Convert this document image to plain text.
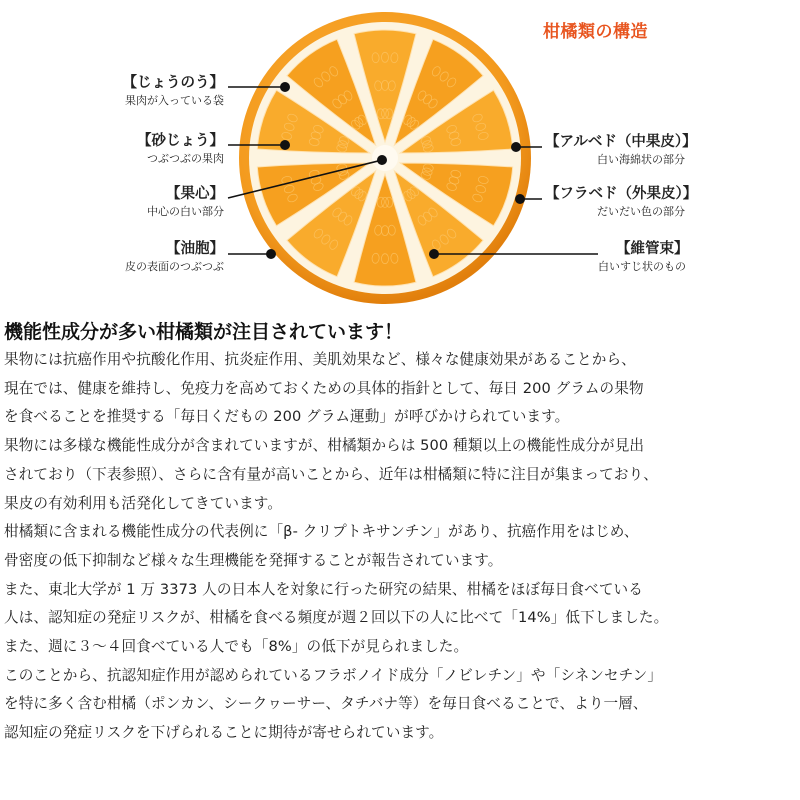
柑橘類の構造
【じょうのう】
果肉が入っている袋
【砂じょう】
つぶつぶの果肉
【果心】
中心の白い部分
【油胞】
皮の表面のつぶつぶ
【アルベド（中果皮）】
白い海綿状の部分
【フラベド（外果皮）】
だいだい色の部分
【維管束】
白いすじ状のもの
機能性成分が多い柑橘類が注目されています！

果物には抗癌作用や抗酸化作用、抗炎症作用、美肌効果など、様々な健康効果があることから、
現在では、健康を維持し、免疫力を高めておくための具体的指針として、毎日 200 グラムの果物
を食べることを推奨する「毎日くだもの 200 グラム運動」が呼びかけられています。

果物には多様な機能性成分が含まれていますが、柑橘類からは 500 種類以上の機能性成分が見出
されており（下表参照）、さらに含有量が高いことから、近年は柑橘類に特に注目が集まっており、
果皮の有効利用も活発化してきています。

柑橘類に含まれる機能性成分の代表例に「β- クリプトキサンチン」があり、抗癌作用をはじめ、
骨密度の低下抑制など様々な生理機能を発揮することが報告されています。

また、東北大学が 1 万 3373 人の日本人を対象に行った研究の結果、柑橘をほぼ毎日食べている
人は、認知症の発症リスクが、柑橘を食べる頻度が週２回以下の人に比べて「14%」低下しました。
また、週に３～４回食べている人でも「8%」の低下が見られました。

このことから、抗認知症作用が認められているフラボノイド成分「ノビレチン」や「シネンセチン」
を特に多く含む柑橘（ポンカン、シークヮーサー、タチバナ等）を毎日食べることで、より一層、
認知症の発症リスクを下げられることに期待が寄せられています。
